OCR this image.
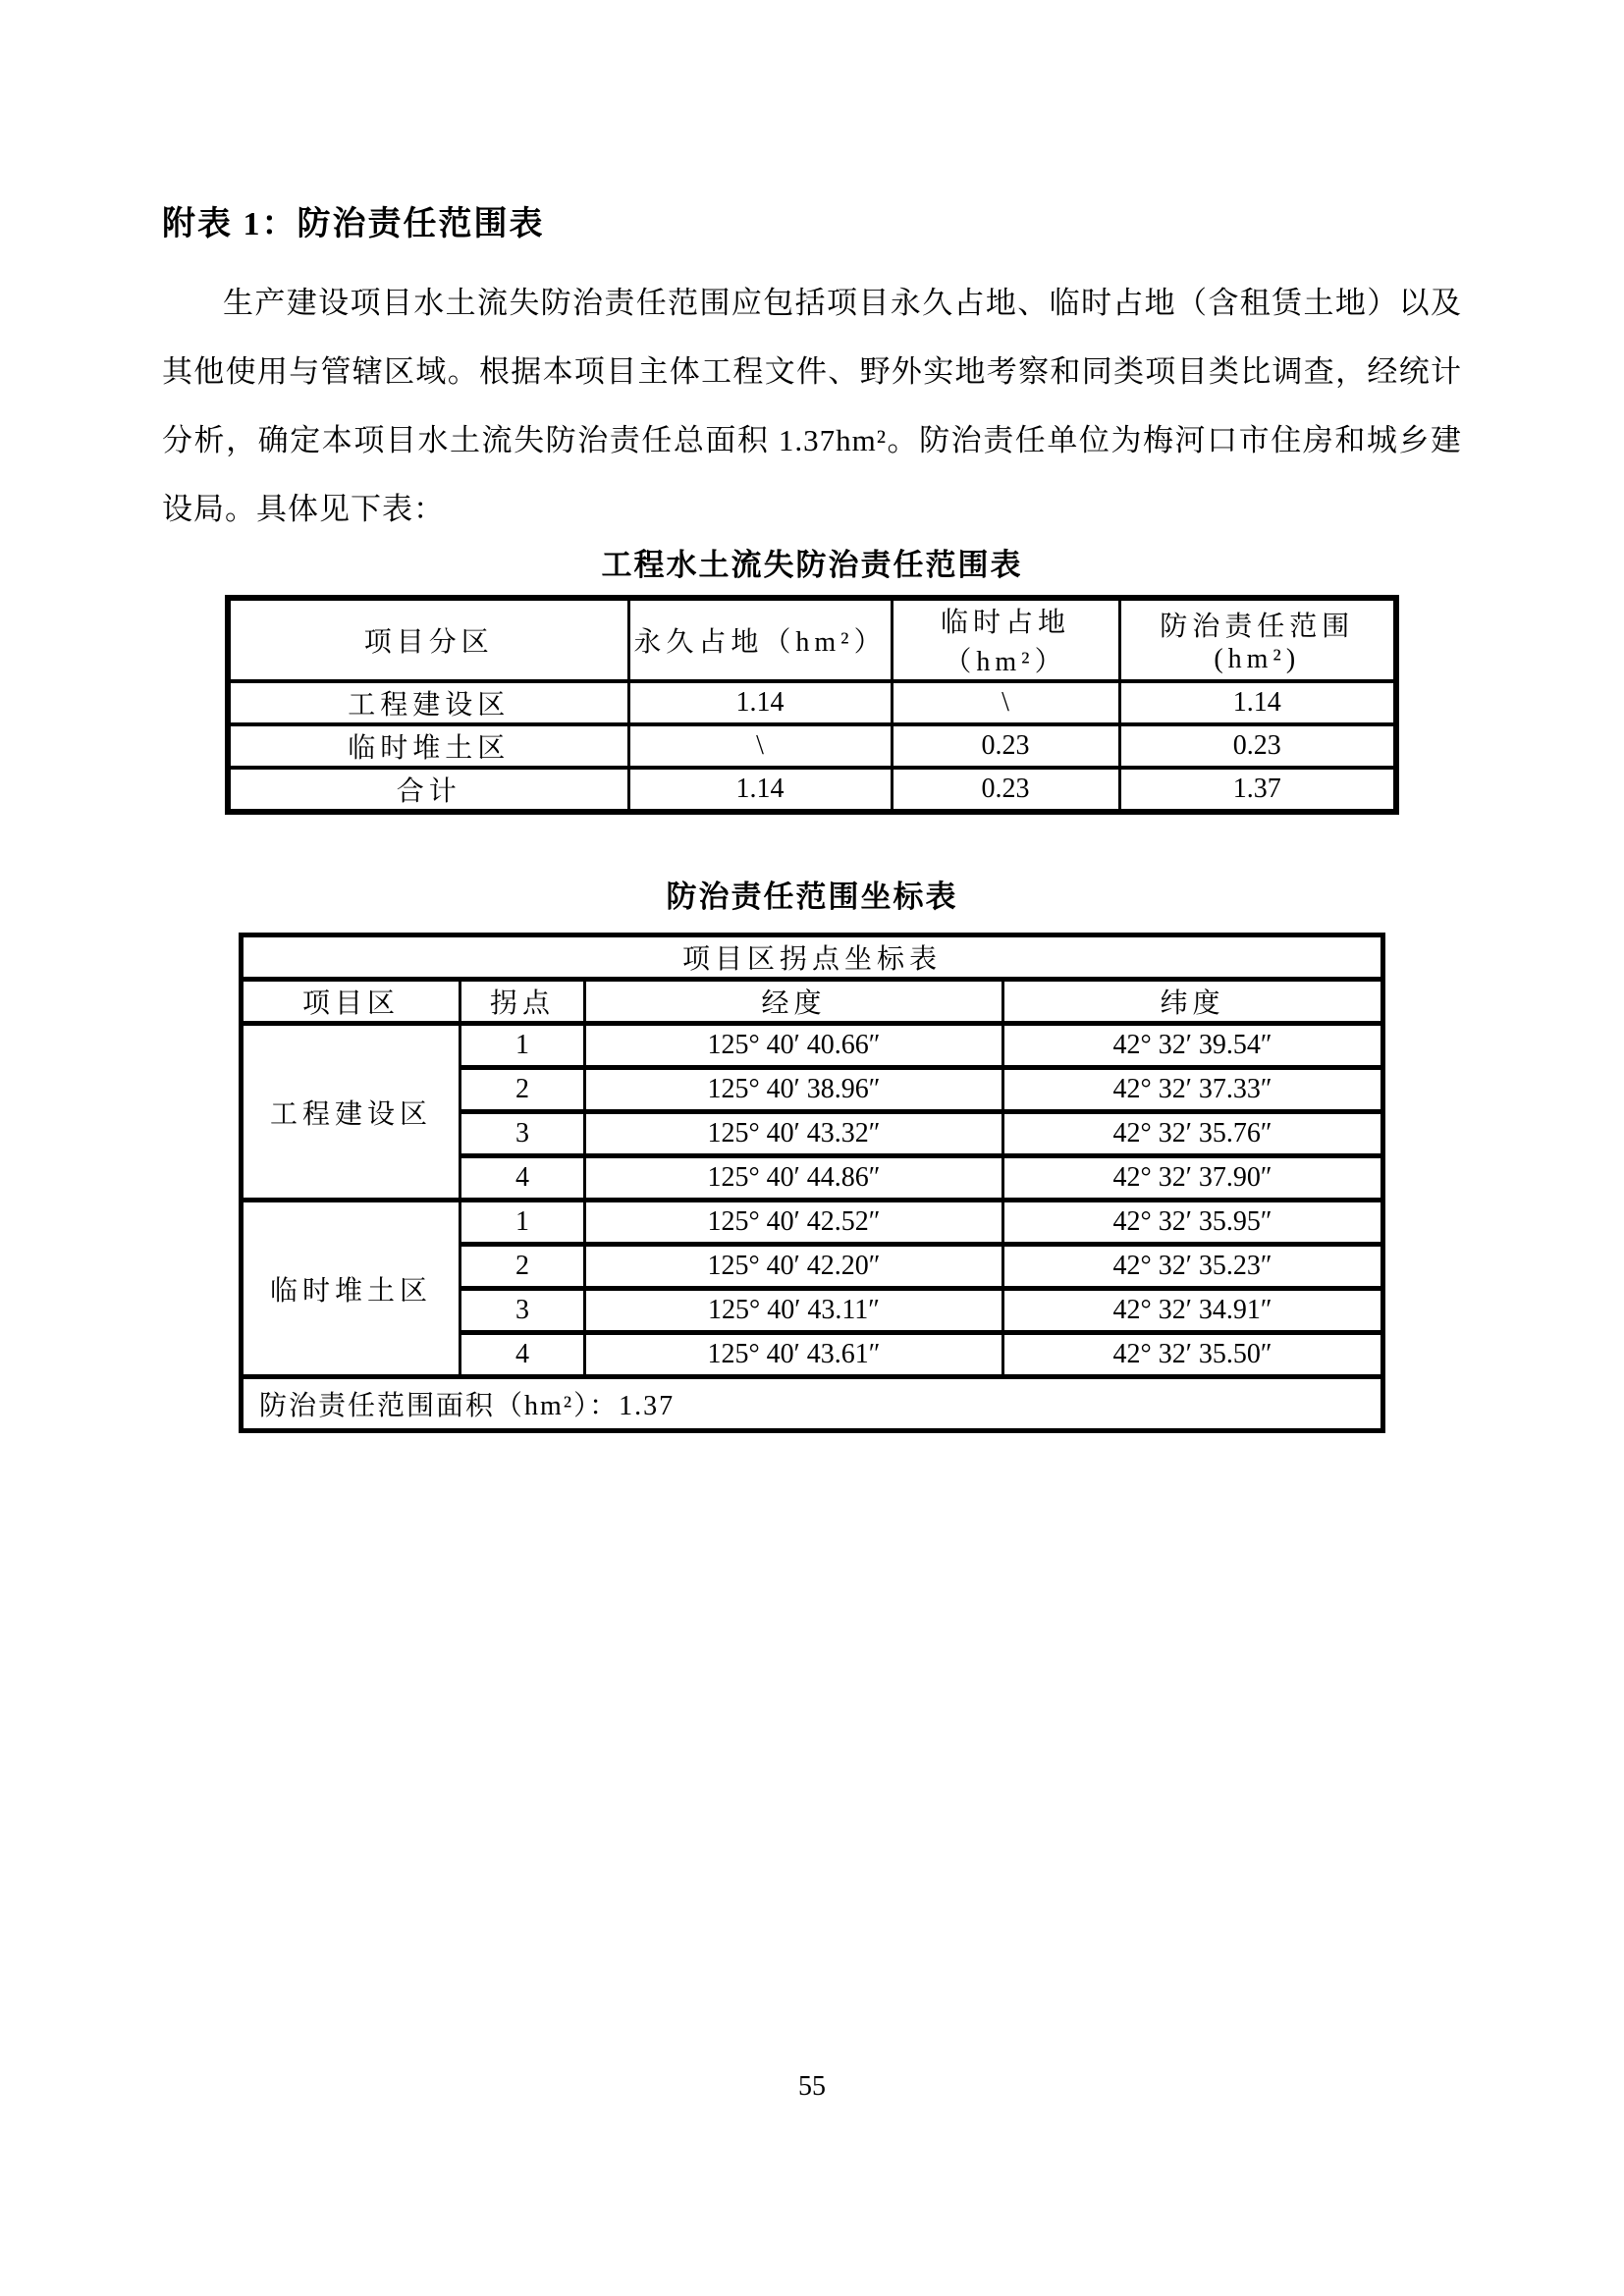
附表 1：防治责任范围表

生产建设项目水土流失防治责任范围应包括项目永久占地、临时占地（含租赁土地）以及其他使用与管辖区域。根据本项目主体工程文件、野外实地考察和同类项目类比调查，经统计分析，确定本项目水土流失防治责任总面积 1.37hm²。防治责任单位为梅河口市住房和城乡建设局。具体见下表：

工程水土流失防治责任范围表
项目分区	永久占地（hm²）	临时占地（hm²）	防治责任范围(hm²)
工程建设区	1.14	\	1.14
临时堆土区	\	0.23	0.23
合计	1.14	0.23	1.37
防治责任范围坐标表
项目区拐点坐标表			
项目区	拐点	经度	纬度
工程建设区	1	125° 40′ 40.66″	42° 32′ 39.54″
	2	125° 40′ 38.96″	42° 32′ 37.33″
	3	125° 40′ 43.32″	42° 32′ 35.76″
	4	125° 40′ 44.86″	42° 32′ 37.90″
临时堆土区	1	125° 40′ 42.52″	42° 32′ 35.95″
	2	125° 40′ 42.20″	42° 32′ 35.23″
	3	125° 40′ 43.11″	42° 32′ 34.91″
	4	125° 40′ 43.61″	42° 32′ 35.50″
防治责任范围面积（hm²）：1.37			
55
